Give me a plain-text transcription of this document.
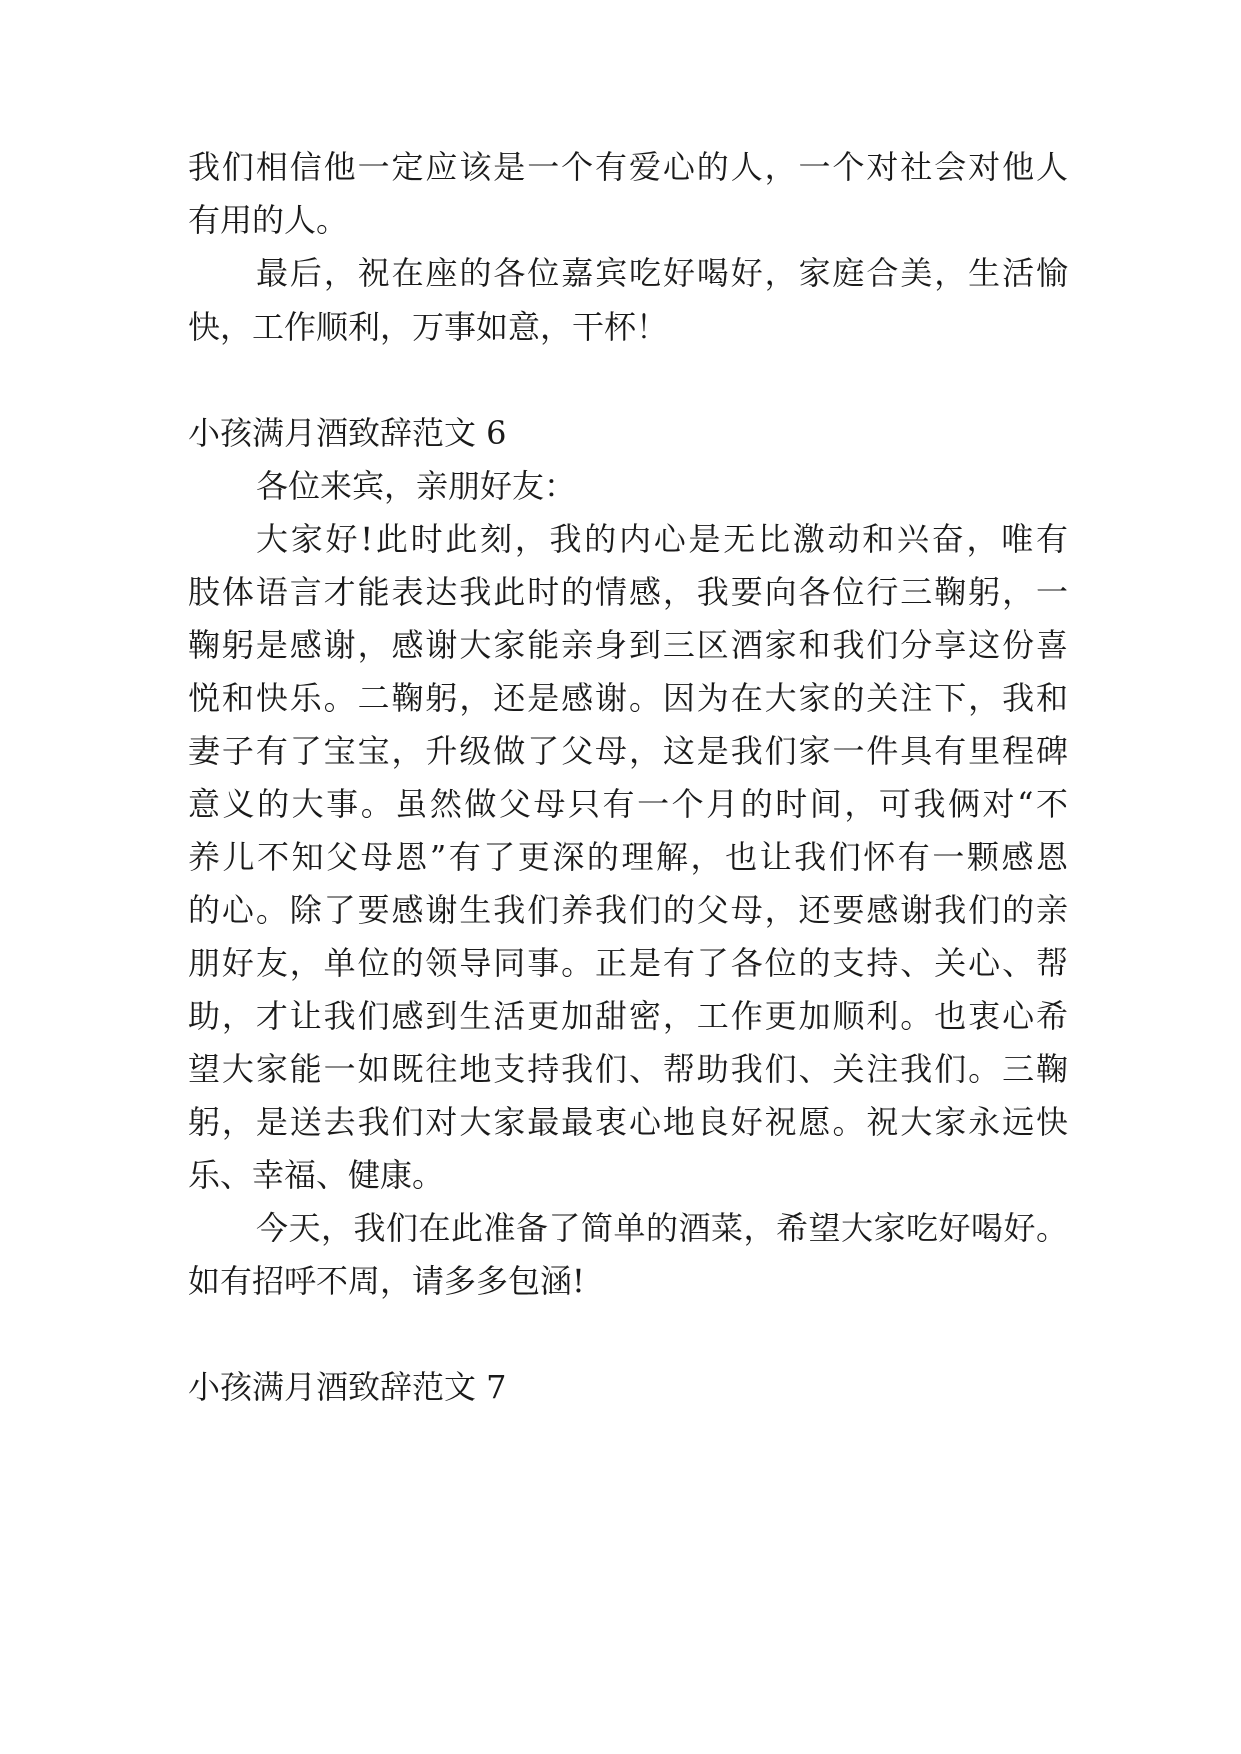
我们相信他一定应该是一个有爱心的人，一个对社会对他人
有用的人。
最后，祝在座的各位嘉宾吃好喝好，家庭合美，生活愉
快，工作顺利，万事如意，干杯！
小孩满月酒致辞范文 6
各位来宾，亲朋好友：
大家好!此时此刻，我的内心是无比激动和兴奋，唯有
肢体语言才能表达我此时的情感，我要向各位行三鞠躬，一
鞠躬是感谢，感谢大家能亲身到三区酒家和我们分享这份喜
悦和快乐。二鞠躬，还是感谢。因为在大家的关注下，我和
妻子有了宝宝，升级做了父母，这是我们家一件具有里程碑
意义的大事。虽然做父母只有一个月的时间，可我俩对“不
养儿不知父母恩”有了更深的理解，也让我们怀有一颗感恩
的心。除了要感谢生我们养我们的父母，还要感谢我们的亲
朋好友，单位的领导同事。正是有了各位的支持、关心、帮
助，才让我们感到生活更加甜密，工作更加顺利。也衷心希
望大家能一如既往地支持我们、帮助我们、关注我们。三鞠
躬，是送去我们对大家最最衷心地良好祝愿。祝大家永远快
乐、幸福、健康。
今天，我们在此准备了简单的酒菜，希望大家吃好喝好。
如有招呼不周，请多多包涵!
小孩满月酒致辞范文 7
